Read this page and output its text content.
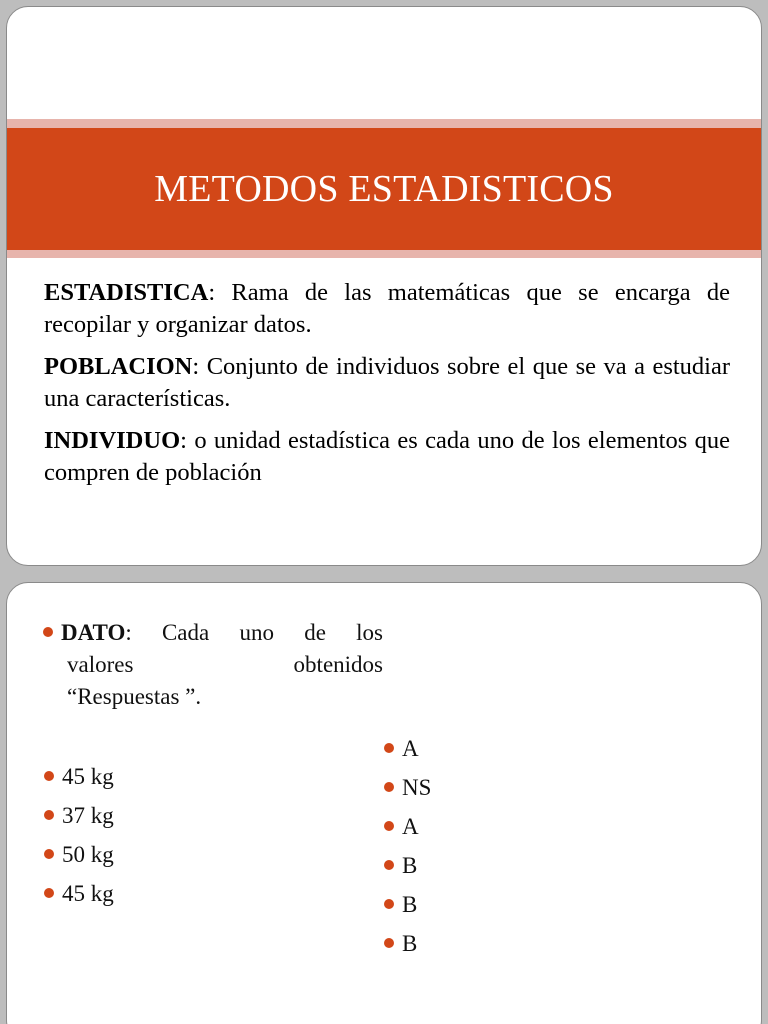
METODOS ESTADISTICOS

ESTADISTICA: Rama de las matemáticas que se encarga de recopilar y organizar datos.

POBLACION: Conjunto de individuos sobre el que se va a estudiar una características.

INDIVIDUO: o unidad estadística es cada uno de los elementos que compren de población

DATO: Cada uno de los

valores obtenidos

“Respuestas ”.

45 kg
37 kg
50 kg
45 kg
A
NS
A
B
B
B
